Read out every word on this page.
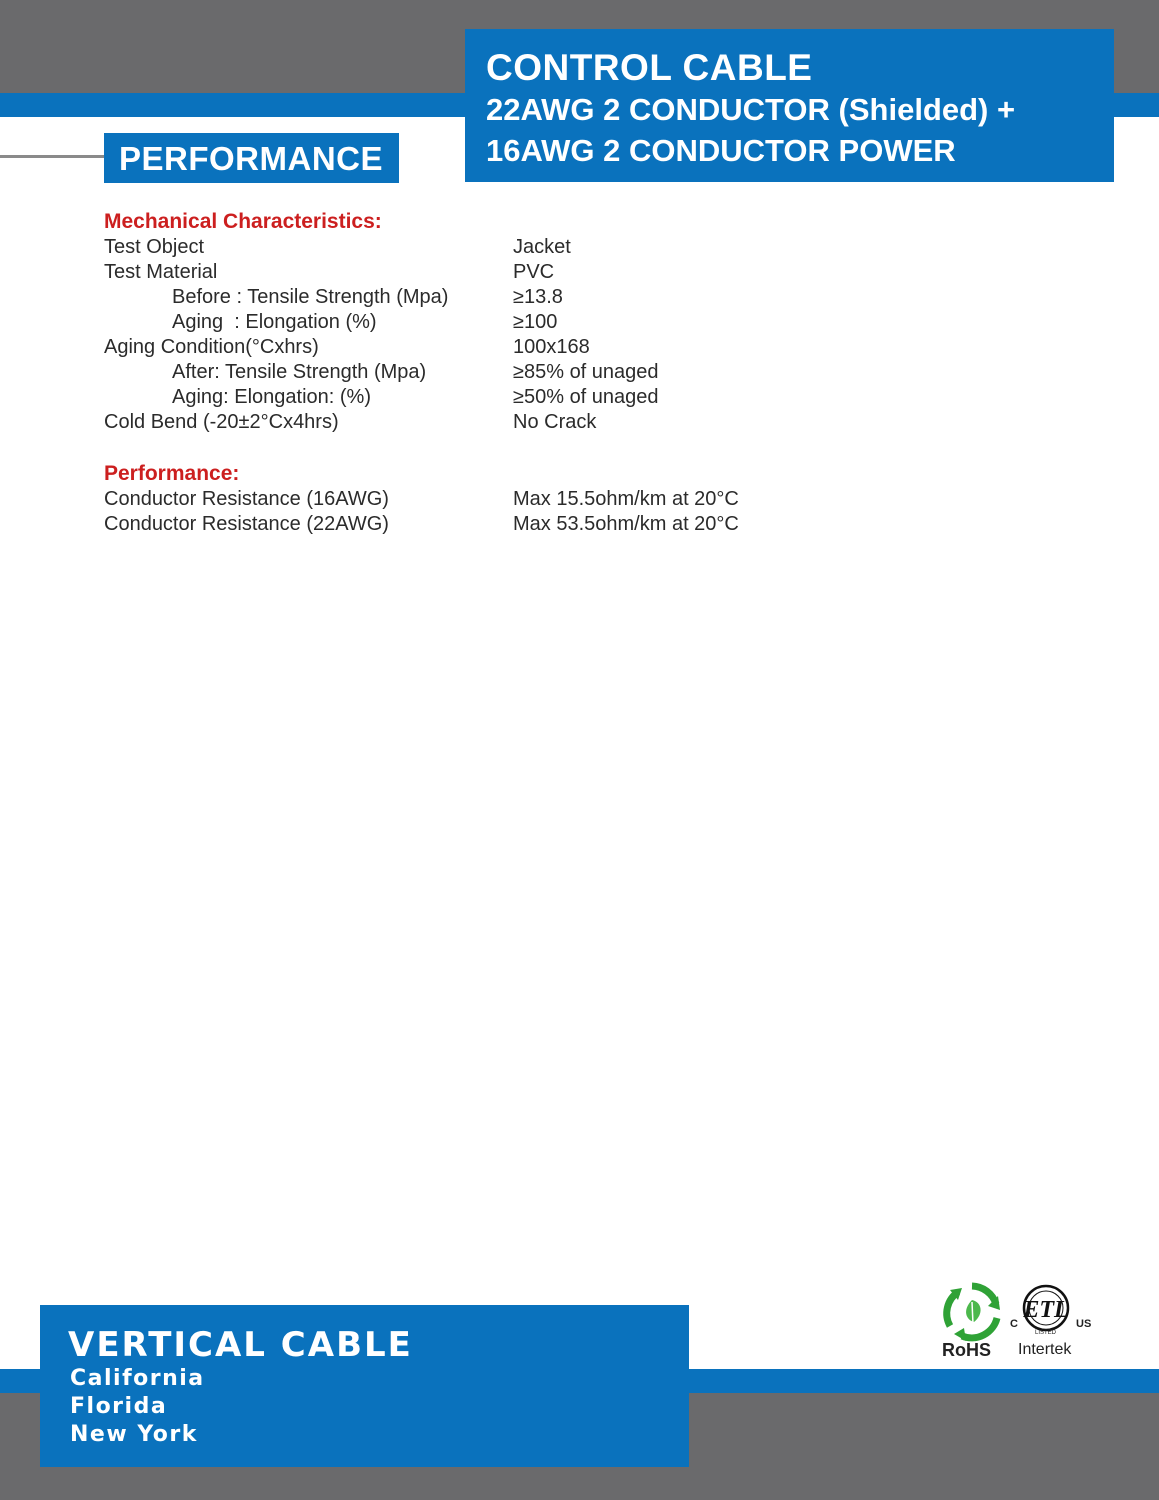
CONTROL CABLE
22AWG 2 CONDUCTOR (Shielded) +
16AWG 2 CONDUCTOR POWER
PERFORMANCE
Mechanical Characteristics:
Test Object	Jacket
Test Material	PVC
Before : Tensile Strength (Mpa)	≥13.8
Aging  : Elongation (%)	≥100
Aging Condition(°Cxhrs)	100x168
After: Tensile Strength (Mpa)	≥85% of unaged
Aging: Elongation: (%)	≥50% of unaged
Cold Bend (-20±2°Cx4hrs)	No Crack
Performance:
Conductor Resistance (16AWG)	Max 15.5ohm/km at 20°C
Conductor Resistance (22AWG)	Max 53.5ohm/km at 20°C
VERTICAL CABLE
California
Florida
New York
RoHS
ETL
C	US
LISTED
Intertek
